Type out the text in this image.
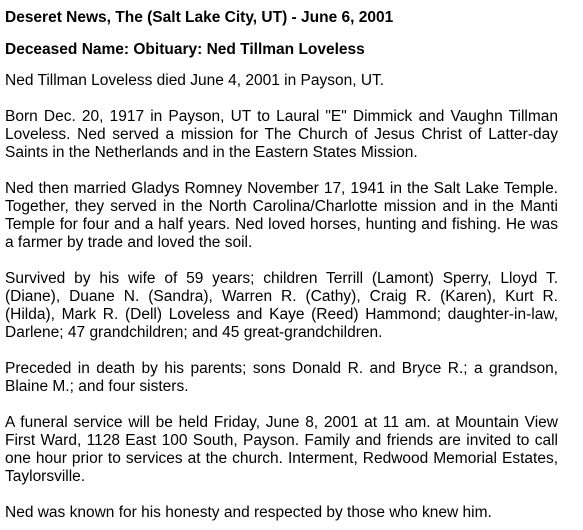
Deseret News, The (Salt Lake City, UT) - June 6, 2001

Deceased Name: Obituary: Ned Tillman Loveless

Ned Tillman Loveless died June 4, 2001 in Payson, UT.

Born Dec. 20, 1917 in Payson, UT to Laural "E" Dimmick and Vaughn Tillman Loveless. Ned served a mission for The Church of Jesus Christ of Latter-day Saints in the Netherlands and in the Eastern States Mission.

Ned then married Gladys Romney November 17, 1941 in the Salt Lake Temple. Together, they served in the North Carolina/Charlotte mission and in the Manti Temple for four and a half years. Ned loved horses, hunting and fishing. He was a farmer by trade and loved the soil.

Survived by his wife of 59 years; children Terrill (Lamont) Sperry, Lloyd T. (Diane), Duane N. (Sandra), Warren R. (Cathy), Craig R. (Karen), Kurt R. (Hilda), Mark R. (Dell) Loveless and Kaye (Reed) Hammond; daughter-in-law, Darlene; 47 grandchildren; and 45 great-grandchildren.

Preceded in death by his parents; sons Donald R. and Bryce R.; a grandson, Blaine M.; and four sisters.

A funeral service will be held Friday, June 8, 2001 at 11 am. at Mountain View First Ward, 1128 East 100 South, Payson. Family and friends are invited to call one hour prior to services at the church. Interment, Redwood Memorial Estates, Taylorsville.

Ned was known for his honesty and respected by those who knew him.
